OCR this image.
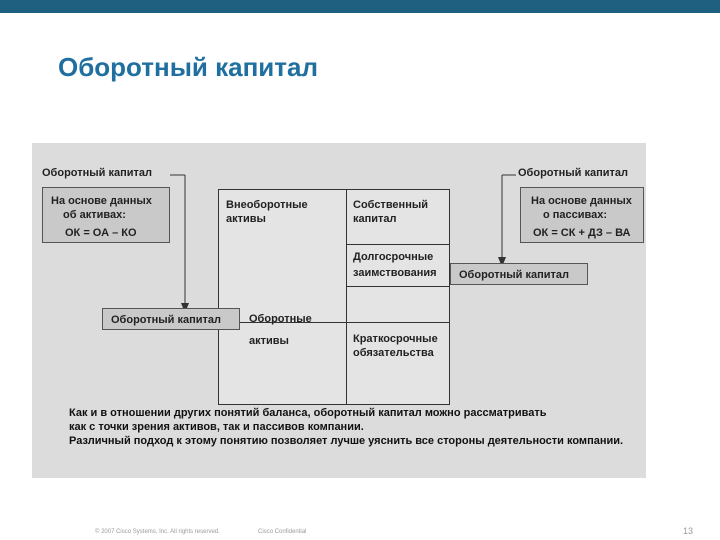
Оборотный капитал
Оборотный капитал
На основе данных
об активах:
ОК = ОА – КО
Оборотный капитал
На основе данных
о пассивах:
ОК = СК + ДЗ – ВА
Внеоборотные
активы
Собственный
капитал
Долгосрочные
заимствования
Оборотные
активы	Краткосрочные
обязательства
Оборотный капитал
Оборотный капитал
Как и в отношении других понятий баланса, оборотный капитал можно рассматривать
как с точки зрения активов, так и пассивов компании.
Различный подход к этому понятию позволяет лучше уяснить все стороны деятельности компании.
© 2007 Cisco Systems, Inc. All rights reserved.	Cisco Confidential	13
